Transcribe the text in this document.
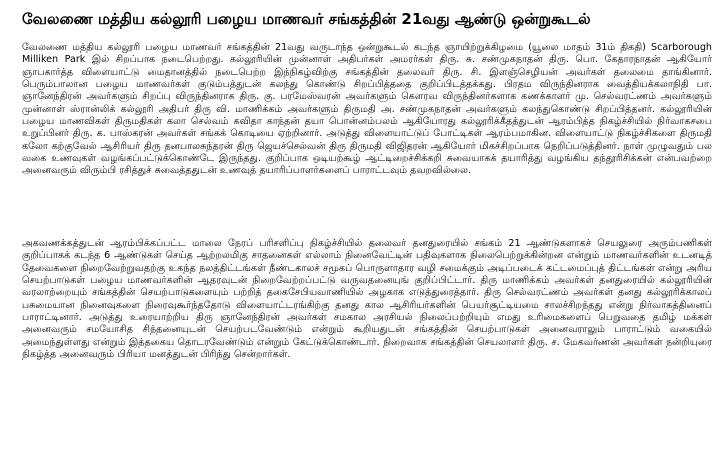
வேலணை மத்திய கல்லூரி பழைய மாணவர் சங்கத்தின் 21வது ஆண்டு ஒன்றுகூடல்

வேலணை மத்திய கல்லூரி பழைய மாணவர் சங்கத்தின் 21வது வருடாந்த ஒன்றுகூடல் கடந்த ஞாயிற்றுக்கிழமை (யூலை மாதம் 31ம் திகதி) Scarborough Milliken Park இல் சிறப்பாக நடைபெற்றது. கல்லூரியின் முன்னாள் அதிபர்கள் அமரர்கள் திரு. சு. சண்முகநாதன் திரு. பொ. கேதாரநாதன் ஆகியோர் ஞாபகார்த்த விளையாட்டு மைதானத்தில் நடைபெற்ற இந்நிகழ்விற்கு சங்கத்தின் தலைவர் திரு. சி. இளஞ்செழியன் அவர்கள் தலைமை தாங்கினார். பெரும்பாலான பழைய மாணவர்கள் குடும்பத்துடன் கலந்து கொண்டு சிறப்பித்ததை குறிப்பிடத்தக்கது. பிரதம விருந்தினராக வைத்தியக்கலாநிதி பா. ஞானேந்திரன் அவர்களும் சிறப்பு விருந்தினராக திரு. கு. பரமேஸ்வரன் அவர்களும் கௌரவ விருந்தினர்களாக கணக்காளர் மு. செல்வரட்ணம் அவர்களும் முன்னாள் ஸ்ரான்லிக் கல்லூரி அதிபர் திரு வி. மாணிக்கம் அவர்களும் திருமதி அ. சண்முகநாதன் அவர்களும் கலந்துகொண்டு சிறப்பித்தனர். கல்லூரியின் பழைய மாணவிகள் திருமதிகள் கலா செல்வம் கவிதா காந்தன் தயா பொன்னம்பலம் ஆகியோரது கல்லூரிக்கீதத்துடன் ஆரம்பித்த நிகழ்ச்சியில் நிர்வாகசபை உறுப்பினர் திரு. க. பாஸ்கரன் அவர்கள் சங்கக் கொடியை ஏற்றினார். அடுத்து விளையாட்டுப் போட்டிகள் ஆரம்பமாகின. விளையாட்டு நிகழ்ச்சிகளை திருமதி கலோ கற்குவேல் ஆசிரியர் திரு தனபாலசுந்தரன் திரு ஜெயச்செல்வன் திரு திருமதி விஜிதரன் ஆகியோர் மிகச்சிறப்பாக நெறிப்படுத்தினர். நாள் முழுவதும் பல வகை உணவுகள் வழங்கப்பட்டுக்கொண்டே இருந்தது. குறிப்பாக ஒடியற்கூழ் ஆட்டிறைச்சிக்கறி சுவையாகக் தயாரித்து வழங்கிய தந்தூரிசிக்கன் என்பவற்றை அனைவரும் விரும்பி ரசித்துச் சுவைத்ததுடன் உணவுத் தயாரிப்பாளர்களைப் பாராட்டவும் தவறவில்லை.

அகவணக்கத்துடன் ஆரம்பிக்கப்பட்ட மாலை நேரப் பரிசளிப்பு நிகழ்ச்சியில் தலைவர் தனதுரையில் சங்கம் 21 ஆண்டுகளாகச் செயலுரை அரும்பணிகள் குறிப்பாகக் கடந்த 6 ஆண்டுகள் செய்த ஆற்றலமிகு சாதனைகள் எல்லாம் நினைவேட்டின் பதிவுகளாக நிலைபெற்றுக்கின்றன என்றும் மாணவர்களின் உடனடித் தேவைகளை நிறைவேற்றுவதற்கு உகந்த நலத்திட்டங்கள் நீண்டகாலச் சமூகப் பொருளாதார வழி சமைக்கும் அடிப்படைக் கட்டமைப்புத் திட்டங்கள் என்று அரிய செயற்பாடுகள் பழைய மாணவர்களின் ஆதரவுடன் நிறைவேற்றப்பட்டு வருவதனையுங் குறிப்பிட்டார். திரு மாணிக்கம் அவர்கள் தனதுரையில் கல்லூரியின் வரலாற்றையும் சங்கத்தின் செயற்பாடுகளையும் பற்றித் தகைசேபியவாணியில் அழகாக எடுத்துரைத்தார். திரு செல்வரட்ணம் அவர்கள் தனது கல்லூரிக்காலப் பசுமையான நினைவுகளை நிரைவுகூர்ந்ததோடு விளையாட்டரங்கிற்கு தனது கால ஆசிரியர்களின் பெயர்சூட்டியமை சாலச்சிறந்தது என்று நிர்வாகத்தினைப் பாராட்டினார். அடுத்து உரையாற்றிய திரு ஞானேந்திரன் அவர்கள் சமகால அரசியல் நிலைப்பற்றியும் எமது உரிமைகளைப் பெறுவதை தமிழ் மக்கள் அனைவரும் சமயோசித சிந்தனையுடன் செயற்படவேண்டும் என்றும் கூறியதுடன் சங்கத்தின் செயற்பாடுகள் அனைவராலும் பாராட்டும் வகையில் அமைந்துள்ளது என்றும் இத்தகைய தொடரவேண்டும் என்றும் கேட்டுக்கொண்டார். நிறைவாக சங்கத்தின் செயலாளர் திரு. ச. மேகவர்ணன் அவர்கள் நன்றியுரை நிகழ்த்த அனைவரும் பிரியா மனத்துடன் பிரிந்து சென்றார்கள்.
